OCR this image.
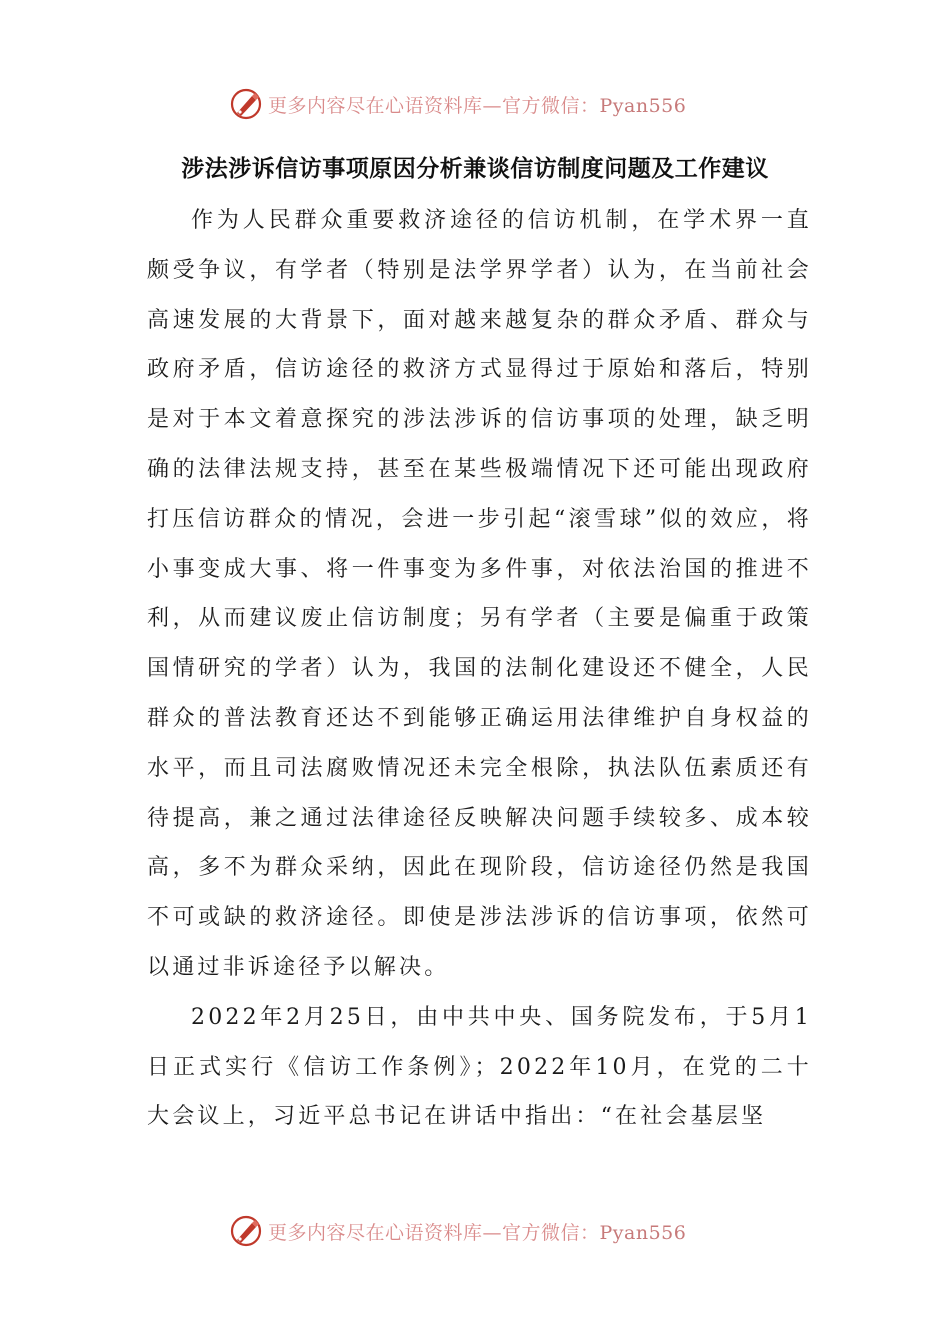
更多内容尽在心语资料库—官方微信：Pyan556
涉法涉诉信访事项原因分析兼谈信访制度问题及工作建议

作为人民群众重要救济途径的信访机制，在学术界一直颇受争议，有学者（特别是法学界学者）认为，在当前社会高速发展的大背景下，面对越来越复杂的群众矛盾、群众与政府矛盾，信访途径的救济方式显得过于原始和落后，特别是对于本文着意探究的涉法涉诉的信访事项的处理，缺乏明确的法律法规支持，甚至在某些极端情况下还可能出现政府打压信访群众的情况，会进一步引起“滚雪球”似的效应，将小事变成大事、将一件事变为多件事，对依法治国的推进不利，从而建议废止信访制度；另有学者（主要是偏重于政策国情研究的学者）认为，我国的法制化建设还不健全，人民群众的普法教育还达不到能够正确运用法律维护自身权益的水平，而且司法腐败情况还未完全根除，执法队伍素质还有待提高，兼之通过法律途径反映解决问题手续较多、成本较高，多不为群众采纳，因此在现阶段，信访途径仍然是我国不可或缺的救济途径。即使是涉法涉诉的信访事项，依然可以通过非诉途径予以解决。

2022年2月25日，由中共中央、国务院发布，于5月1日正式实行《信访工作条例》；2022年10月，在党的二十大会议上，习近平总书记在讲话中指出：“在社会基层坚

更多内容尽在心语资料库—官方微信：Pyan556
